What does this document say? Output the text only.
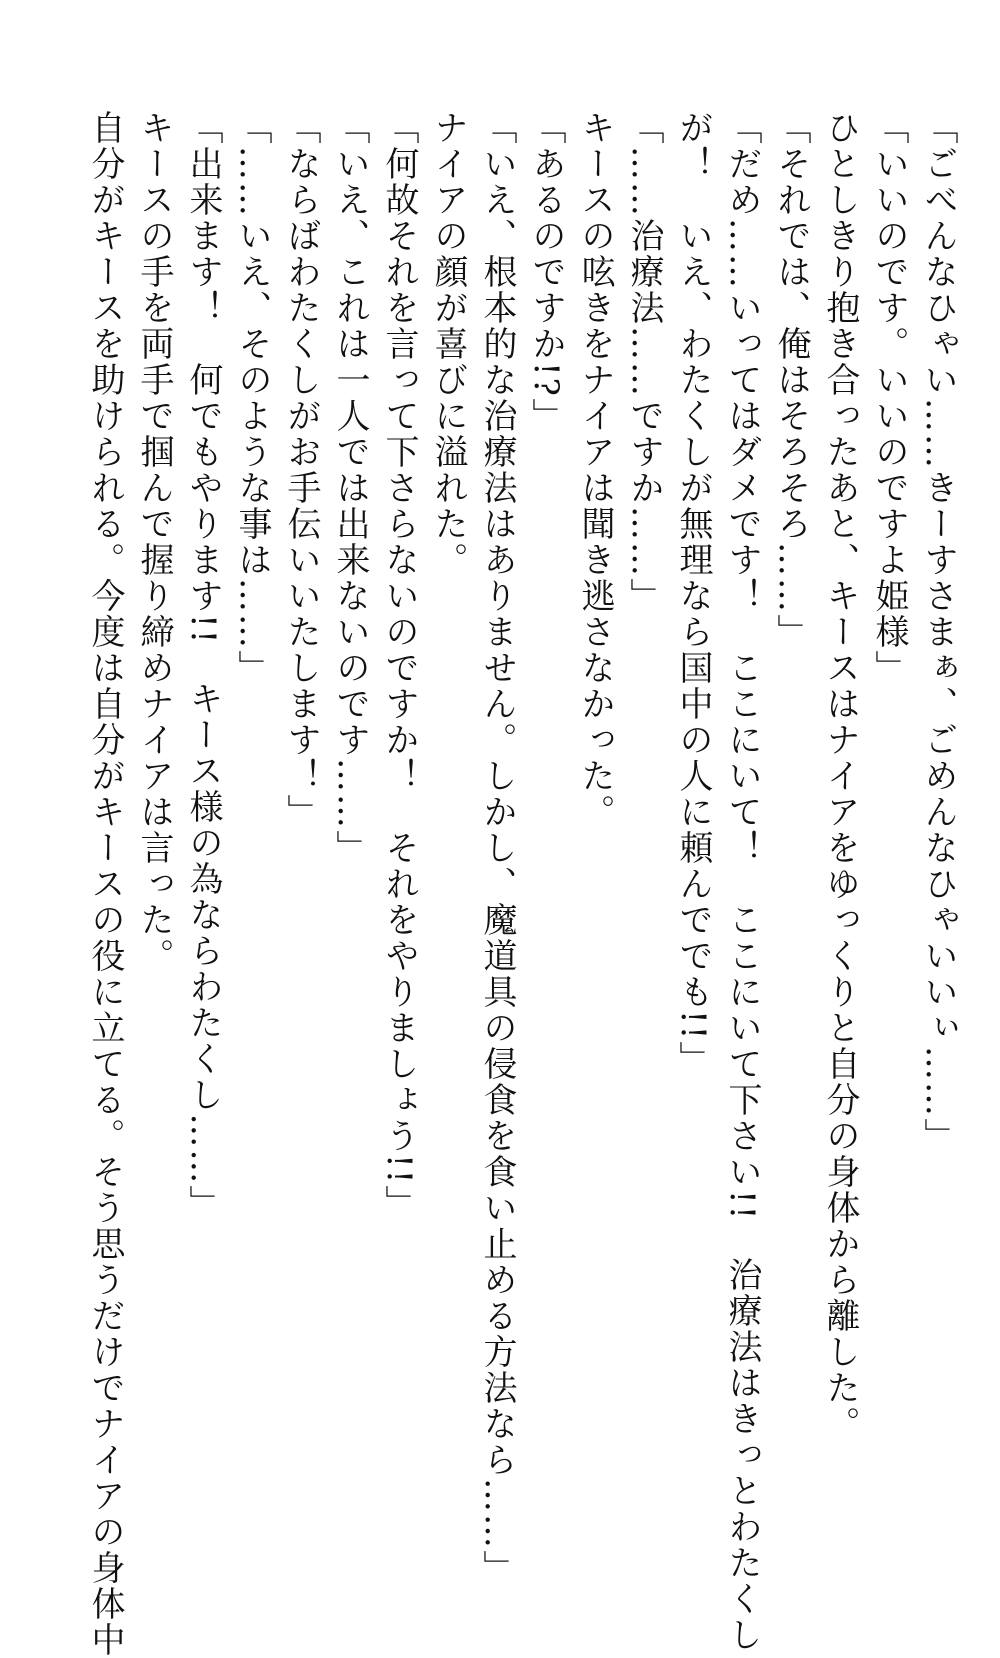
「ごべんなひゃい……きーすさまぁ、ごめんなひゃいいぃ……」

「いいのです。いいのですよ姫様」

ひとしきり抱き合ったあと、キースはナイアをゆっくりと自分の身体から離した。

「それでは、俺はそろそろ……」

「だめ……いってはダメです！　ここにいて！　ここにいて下さい!!　治療法はきっとわたくし

が！　いえ、わたくしが無理なら国中の人に頼んででも!!」

「……治療法……ですか……」

キースの呟きをナイアは聞き逃さなかった。

「あるのですか!?」

「いえ、根本的な治療法はありません。しかし、魔道具の侵食を食い止める方法なら……」

ナイアの顔が喜びに溢れた。

「何故それを言って下さらないのですか！　それをやりましょう!!」

「いえ、これは一人では出来ないのです……」

「ならばわたくしがお手伝いいたします！」

「……いえ、そのような事は……」

「出来ます！　何でもやります!!　キース様の為ならわたくし……」

キースの手を両手で掴んで握り締めナイアは言った。

自分がキースを助けられる。今度は自分がキースの役に立てる。そう思うだけでナイアの身体中
